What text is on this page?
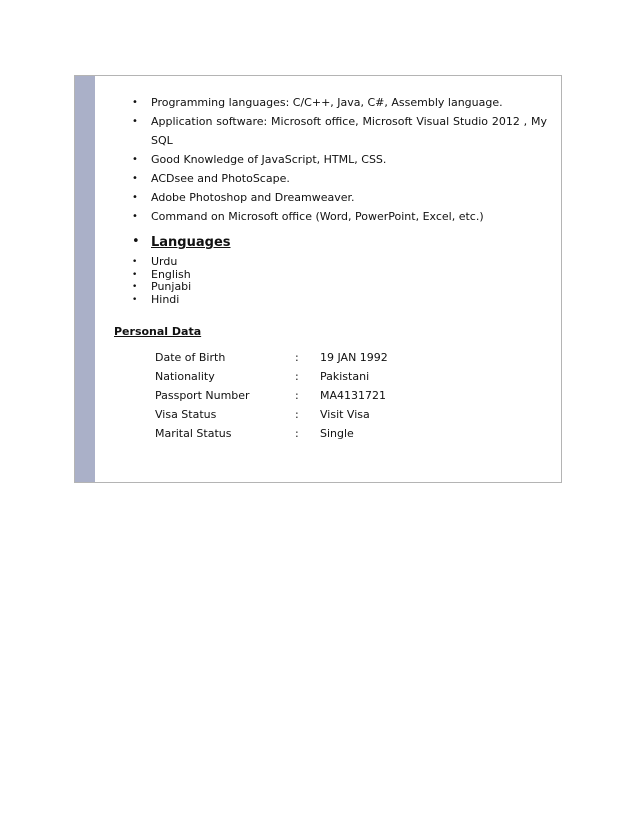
• Programming languages: C/C++, Java, C#, Assembly language.
• Application software: Microsoft office, Microsoft Visual Studio 2012 , My
SQL
• Good Knowledge of JavaScript, HTML, CSS.
• ACDsee and PhotoScape.
• Adobe Photoshop and Dreamweaver.
• Command on Microsoft office (Word, PowerPoint, Excel, etc.)
• Languages
• Urdu
• English
• Punjabi
• Hindi
Personal Data
Date of Birth	:	19 JAN 1992
Nationality	:	Pakistani
Passport Number	:	MA4131721
Visa Status	:	Visit Visa
Marital Status	:	Single
